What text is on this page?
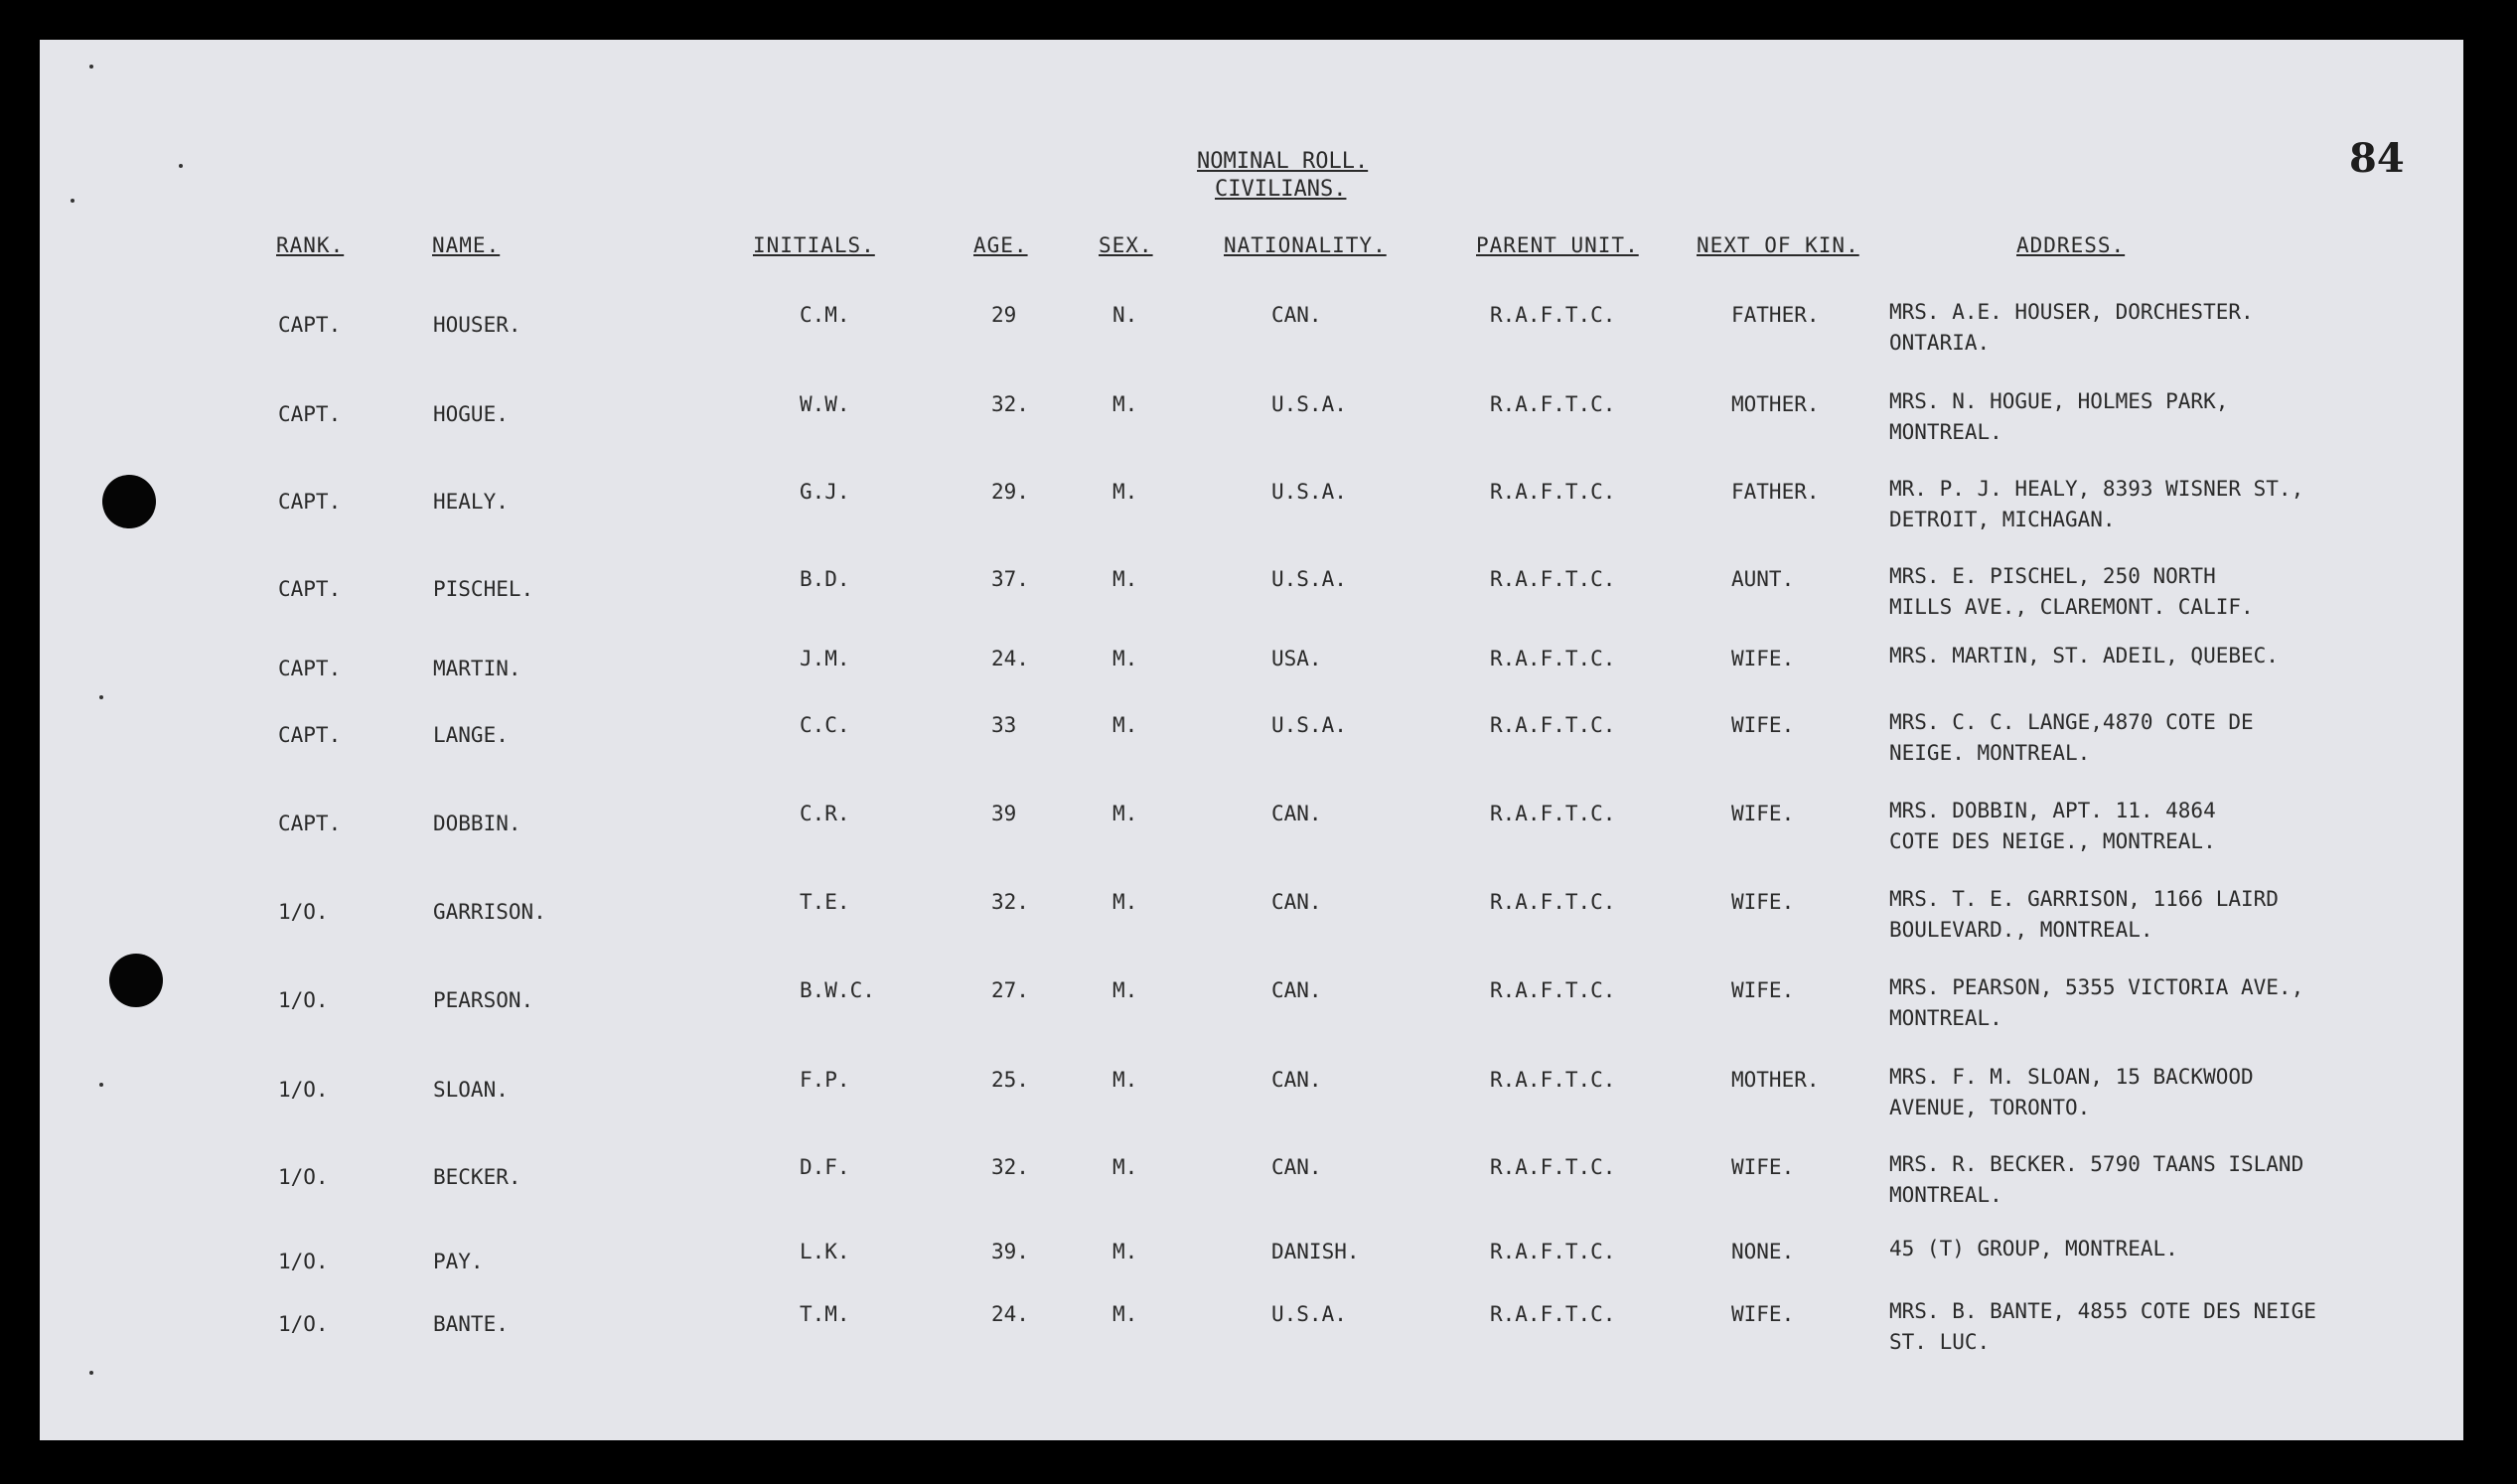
NOMINAL ROLL.
CIVILIANS.
84
RANK.	NAME.	INITIALS.	AGE.	SEX.	NATIONALITY.	PARENT UNIT.	NEXT OF KIN.	ADDRESS.
CAPT.	HOUSER.	C.M.	29	N.	CAN.	R.A.F.T.C.	FATHER.	MRS. A.E. HOUSER, DORCHESTER.
ONTARIA.
CAPT.	HOGUE.	W.W.	32.	M.	U.S.A.	R.A.F.T.C.	MOTHER.	MRS. N. HOGUE, HOLMES PARK,
MONTREAL.
CAPT.	HEALY.	G.J.	29.	M.	U.S.A.	R.A.F.T.C.	FATHER.	MR. P. J. HEALY, 8393 WISNER ST.,
DETROIT, MICHAGAN.
CAPT.	PISCHEL.	B.D.	37.	M.	U.S.A.	R.A.F.T.C.	AUNT.	MRS. E. PISCHEL, 250 NORTH
MILLS AVE., CLAREMONT. CALIF.
CAPT.	MARTIN.	J.M.	24.	M.	USA.	R.A.F.T.C.	WIFE.	MRS. MARTIN, ST. ADEIL, QUEBEC.
CAPT.	LANGE.	C.C.	33	M.	U.S.A.	R.A.F.T.C.	WIFE.	MRS. C. C. LANGE,4870 COTE DE
NEIGE. MONTREAL.
CAPT.	DOBBIN.	C.R.	39	M.	CAN.	R.A.F.T.C.	WIFE.	MRS. DOBBIN, APT. 11. 4864
COTE DES NEIGE., MONTREAL.
1/O.	GARRISON.	T.E.	32.	M.	CAN.	R.A.F.T.C.	WIFE.	MRS. T. E. GARRISON, 1166 LAIRD
BOULEVARD., MONTREAL.
1/O.	PEARSON.	B.W.C.	27.	M.	CAN.	R.A.F.T.C.	WIFE.	MRS. PEARSON, 5355 VICTORIA AVE.,
MONTREAL.
1/O.	SLOAN.	F.P.	25.	M.	CAN.	R.A.F.T.C.	MOTHER.	MRS. F. M. SLOAN, 15 BACKWOOD
AVENUE, TORONTO.
1/O.	BECKER.	D.F.	32.	M.	CAN.	R.A.F.T.C.	WIFE.	MRS. R. BECKER. 5790 TAANS ISLAND
MONTREAL.
1/O.	PAY.	L.K.	39.	M.	DANISH.	R.A.F.T.C.	NONE.	45 (T) GROUP, MONTREAL.
1/O.	BANTE.	T.M.	24.	M.	U.S.A.	R.A.F.T.C.	WIFE.	MRS. B. BANTE, 4855 COTE DES NEIGE
ST. LUC.
